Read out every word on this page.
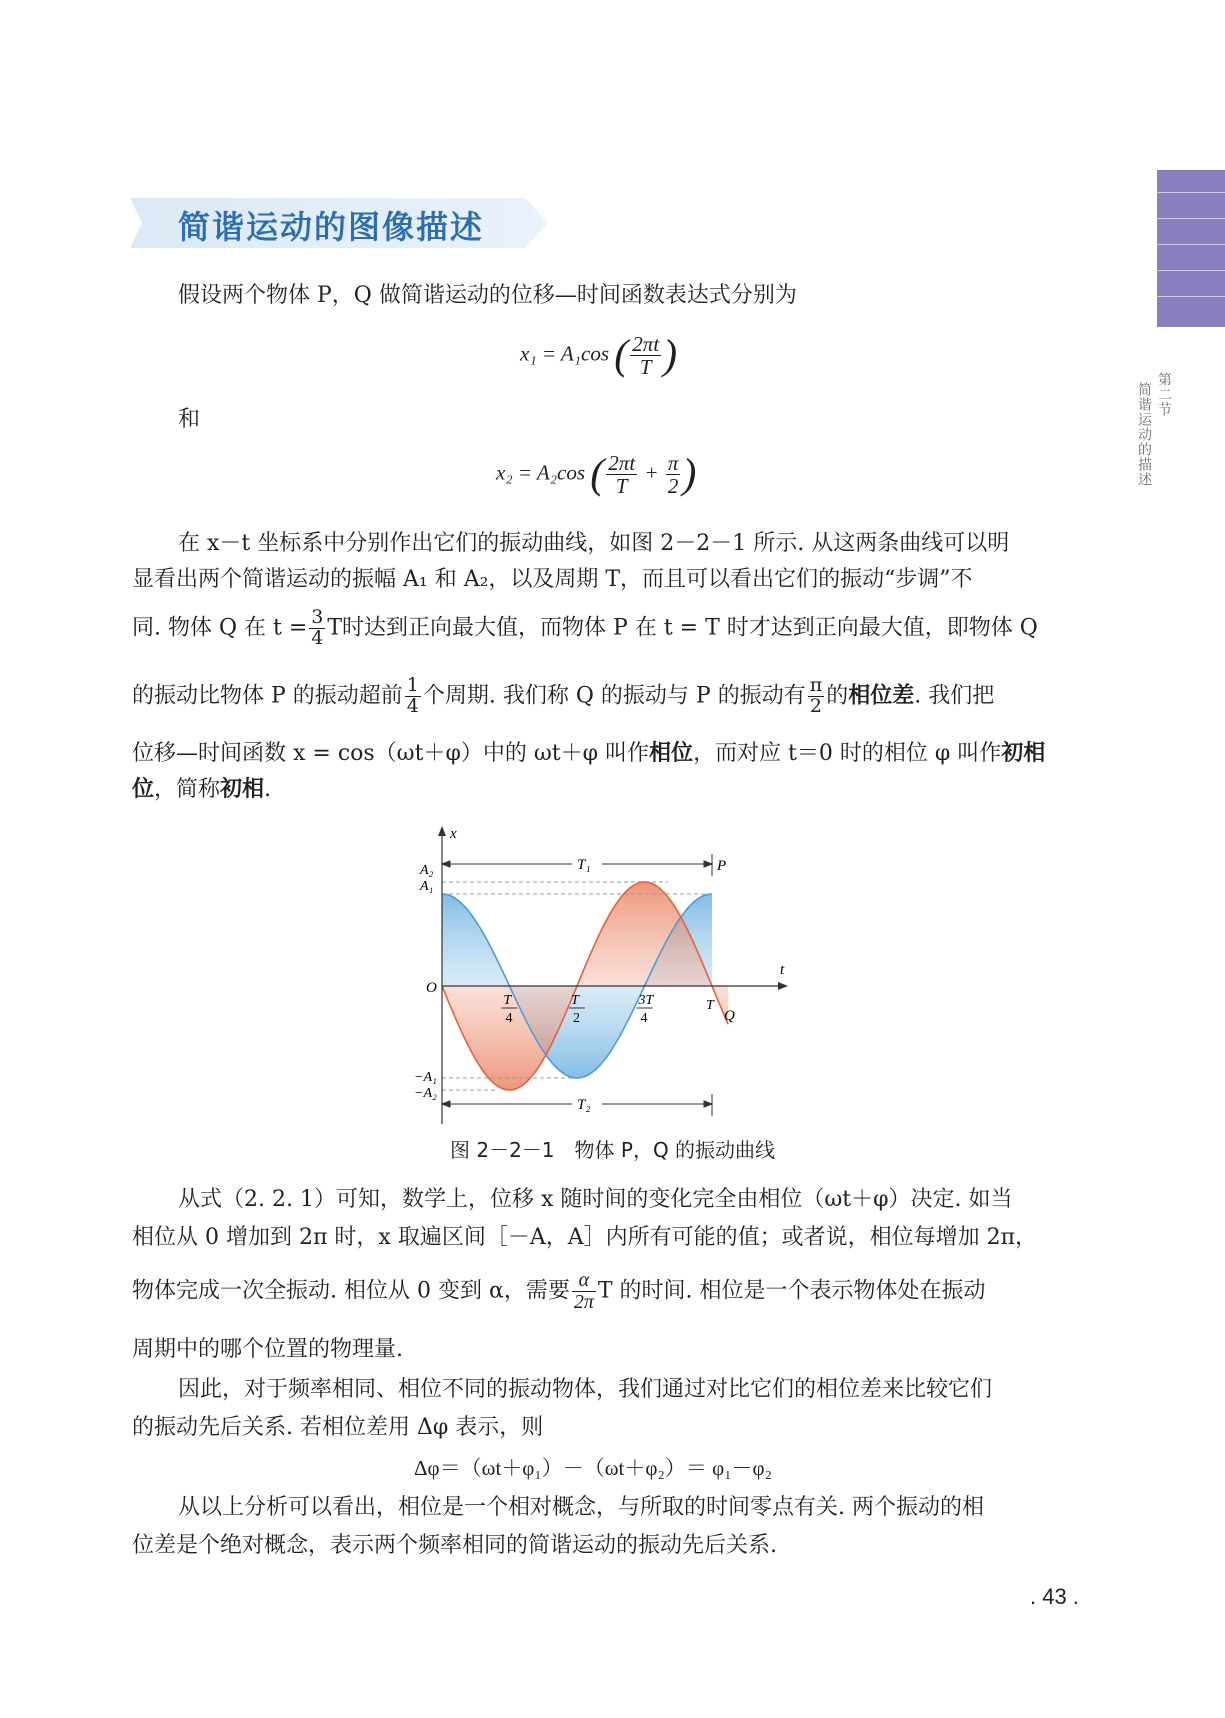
第二节
简谐运动的描述
简谐运动的图像描述
假设两个物体 P，Q 做简谐运动的位移—时间函数表达式分别为
x₁ = A₁cos ( $\frac{2\pi t}{T}$ )
和
x₂ = A₂cos ( $\frac{2\pi t}{T} + \frac{\pi}{2}$ )
在 x－t 坐标系中分别作出它们的振动曲线，如图 2－2－1 所示. 从这两条曲线可以明
显看出两个简谐运动的振幅 A₁ 和 A₂，以及周期 T，而且可以看出它们的振动“步调”不
同. 物体 Q 在 $t = \frac{3}{4}$ T时达到正向最大值，而物体 P 在 t = T 时才达到正向最大值，即物体 Q
的振动比物体 P 的振动超前 $\frac{1}{4}$ 个周期. 我们称 Q 的振动与 P 的振动有 $\frac{\pi}{2}$ 的相位差. 我们把
位移—时间函数 x = cos（ωt＋φ）中的 ωt＋φ 叫作相位，而对应 t＝0 时的相位 φ 叫作初相
位，简称初相.
x
t
O
A₂
A₁
−A₁
−A₂
T₁
T₂
P
Q
T
4
T
2
3T
4
T
图 2－2－1　物体 P，Q 的振动曲线
从式（2. 2. 1）可知，数学上，位移 x 随时间的变化完全由相位（ωt＋φ）决定. 如当
相位从 0 增加到 2π 时，x 取遍区间［－A，A］内所有可能的值；或者说，相位每增加 2π，
物体完成一次全振动. 相位从 0 变到 α，需要 $\frac{\alpha}{2\pi}$ T 的时间. 相位是一个表示物体处在振动
周期中的哪个位置的物理量.
因此，对于频率相同、相位不同的振动物体，我们通过对比它们的相位差来比较它们
的振动先后关系. 若相位差用 Δφ 表示，则
Δφ＝（ωt＋φ₁）－（ωt＋φ₂）＝ φ₁－φ₂
从以上分析可以看出，相位是一个相对概念，与所取的时间零点有关. 两个振动的相
位差是个绝对概念，表示两个频率相同的简谐运动的振动先后关系.
. 43 .
